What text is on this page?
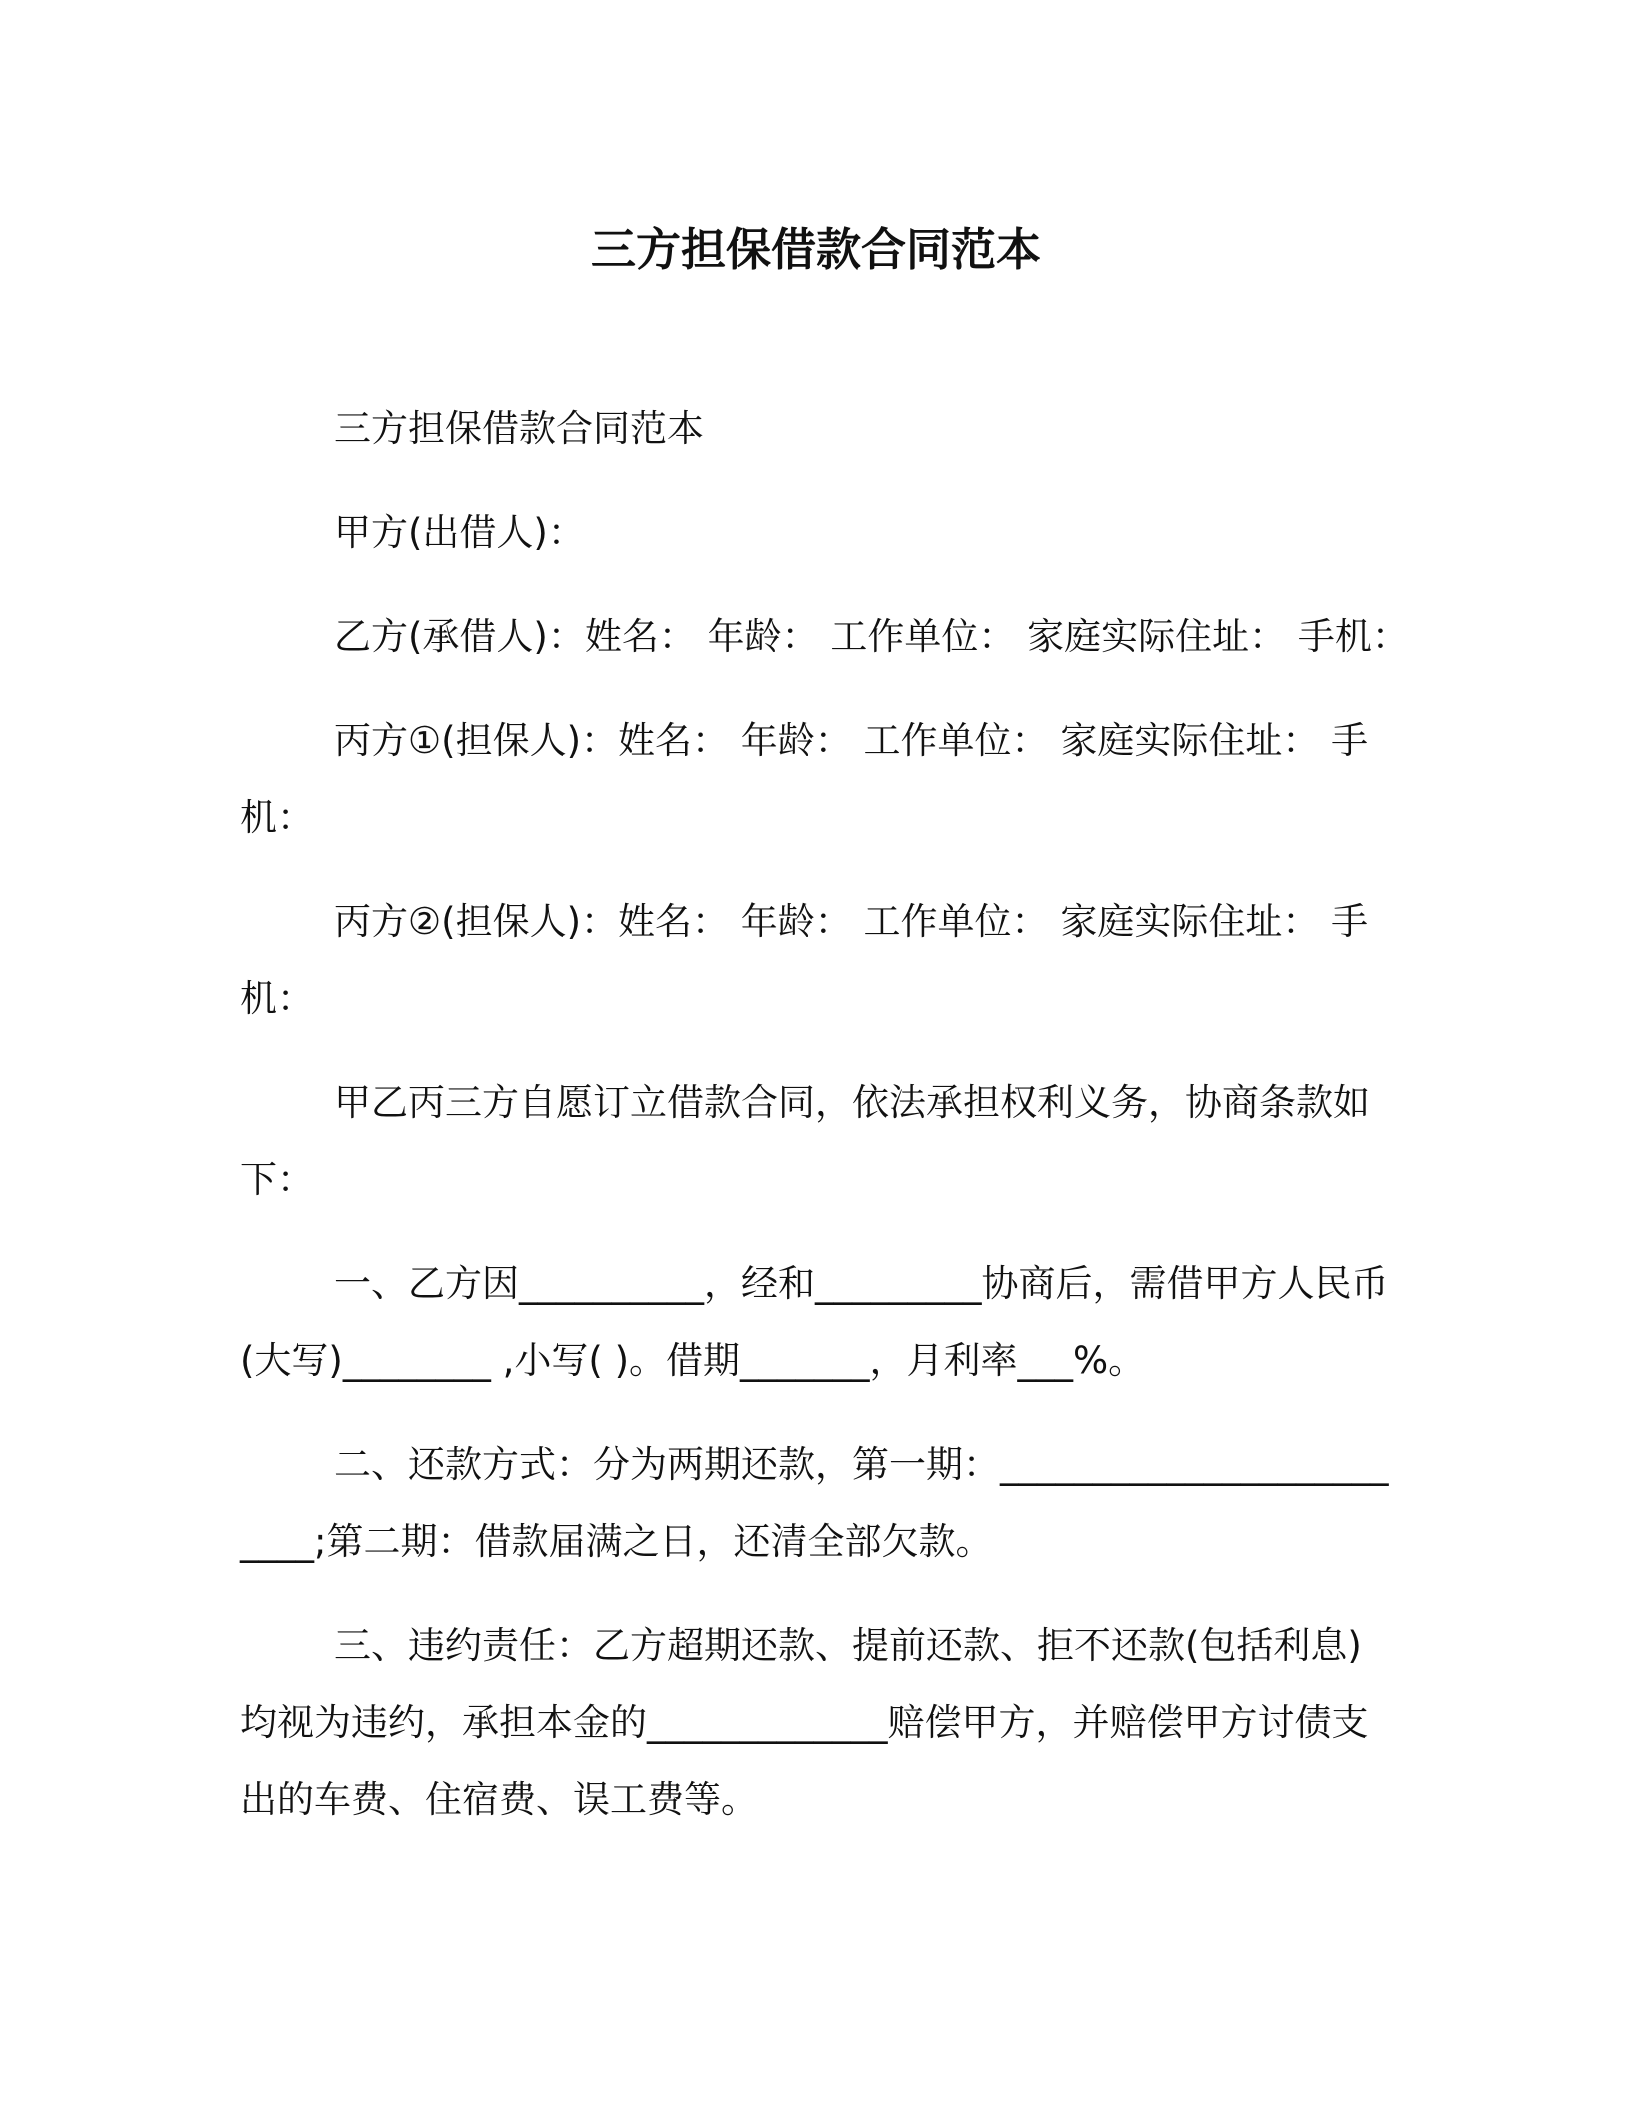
三方担保借款合同范本

三方担保借款合同范本

甲方(出借人)：

乙方(承借人)：姓名： 年龄： 工作单位： 家庭实际住址： 手机：

丙方①(担保人)：姓名： 年龄： 工作单位： 家庭实际住址： 手机：

丙方②(担保人)：姓名： 年龄： 工作单位： 家庭实际住址： 手机：

甲乙丙三方自愿订立借款合同，依法承担权利义务，协商条款如下：

一、乙方因__________，经和_________协商后，需借甲方人民币(大写)________ ,小写( )。借期_______，月利率___%。

二、还款方式：分为两期还款，第一期：_________________________;第二期：借款届满之日，还清全部欠款。

三、违约责任：乙方超期还款、提前还款、拒不还款(包括利息)均视为违约，承担本金的_____________赔偿甲方，并赔偿甲方讨债支出的车费、住宿费、误工费等。
